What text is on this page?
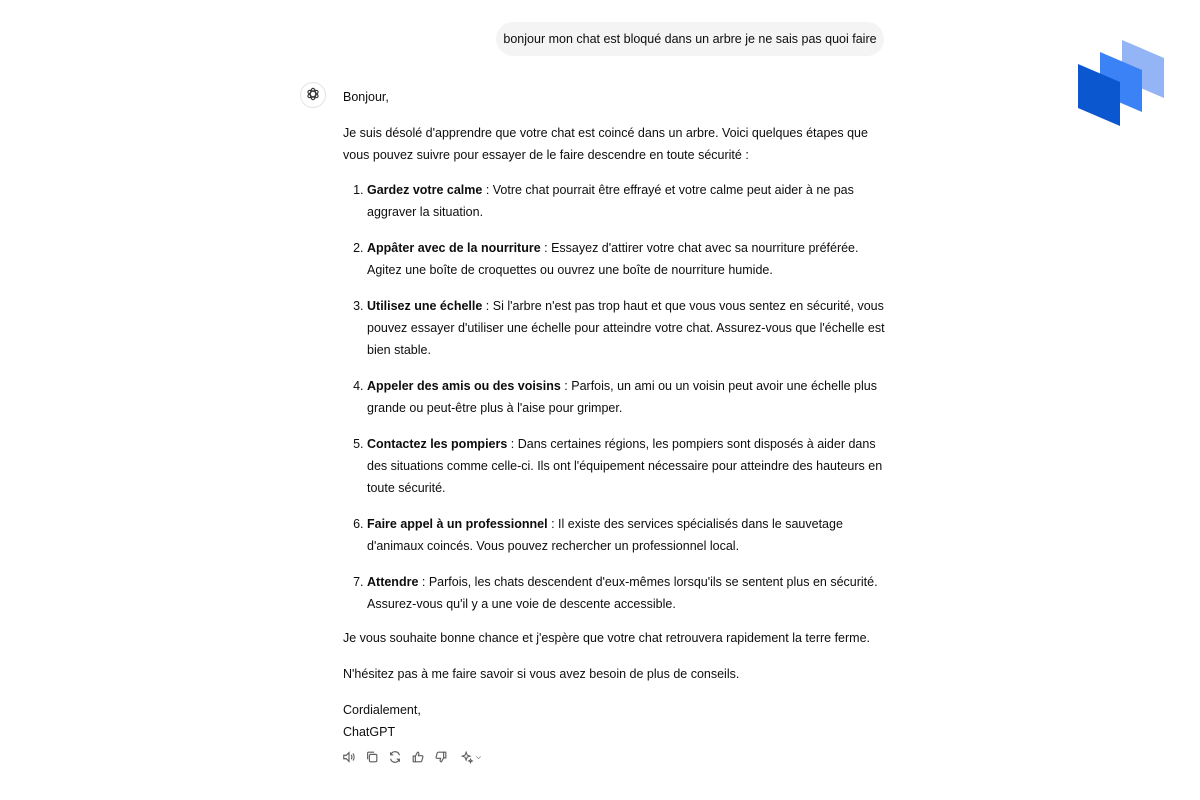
bonjour mon chat est bloqué dans un arbre je ne sais pas quoi faire

Bonjour,

Je suis désolé d'apprendre que votre chat est coincé dans un arbre. Voici quelques étapes que vous pouvez suivre pour essayer de le faire descendre en toute sécurité :

1. Gardez votre calme : Votre chat pourrait être effrayé et votre calme peut aider à ne pas aggraver la situation.
2. Appâter avec de la nourriture : Essayez d'attirer votre chat avec sa nourriture préférée. Agitez une boîte de croquettes ou ouvrez une boîte de nourriture humide.
3. Utilisez une échelle : Si l'arbre n'est pas trop haut et que vous vous sentez en sécurité, vous pouvez essayer d'utiliser une échelle pour atteindre votre chat. Assurez-vous que l'échelle est bien stable.
4. Appeler des amis ou des voisins : Parfois, un ami ou un voisin peut avoir une échelle plus grande ou peut-être plus à l'aise pour grimper.
5. Contactez les pompiers : Dans certaines régions, les pompiers sont disposés à aider dans des situations comme celle-ci. Ils ont l'équipement nécessaire pour atteindre des hauteurs en toute sécurité.
6. Faire appel à un professionnel : Il existe des services spécialisés dans le sauvetage d'animaux coincés. Vous pouvez rechercher un professionnel local.
7. Attendre : Parfois, les chats descendent d'eux-mêmes lorsqu'ils se sentent plus en sécurité. Assurez-vous qu'il y a une voie de descente accessible.

Je vous souhaite bonne chance et j'espère que votre chat retrouvera rapidement la terre ferme.

N'hésitez pas à me faire savoir si vous avez besoin de plus de conseils.

Cordialement,

ChatGPT
